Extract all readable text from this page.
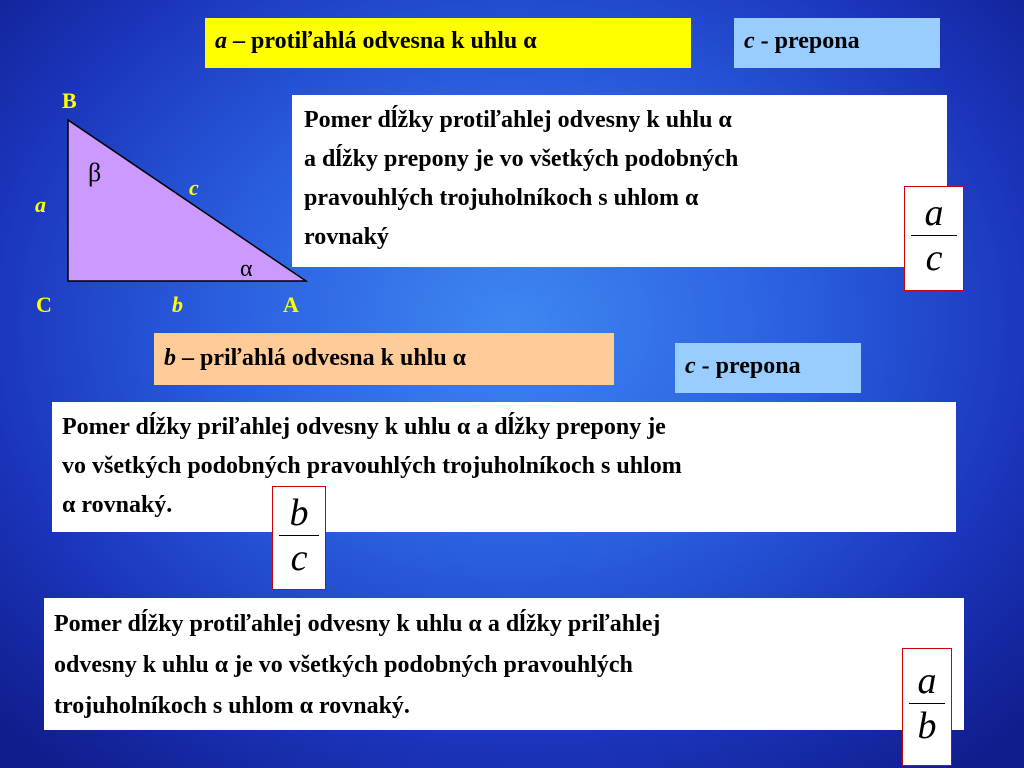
a – protiľahlá odvesna k uhlu α	c - prepona
B
C	A
a
b
c
β
α
Pomer dĺžky protiľahlej odvesny k uhlu α
a dĺžky prepony je vo všetkých podobných
pravouhlých trojuholníkoch s uhlom α
rovnaký
a
c
b – priľahlá odvesna k uhlu α	c - prepona
Pomer dĺžky priľahlej odvesny k uhlu α a dĺžky prepony je
vo všetkých podobných pravouhlých trojuholníkoch s uhlom
α rovnaký.	b
c
Pomer dĺžky protiľahlej odvesny k uhlu α a dĺžky priľahlej
odvesny k uhlu α je vo všetkých podobných pravouhlých
trojuholníkoch s uhlom α rovnaký.
a
b
